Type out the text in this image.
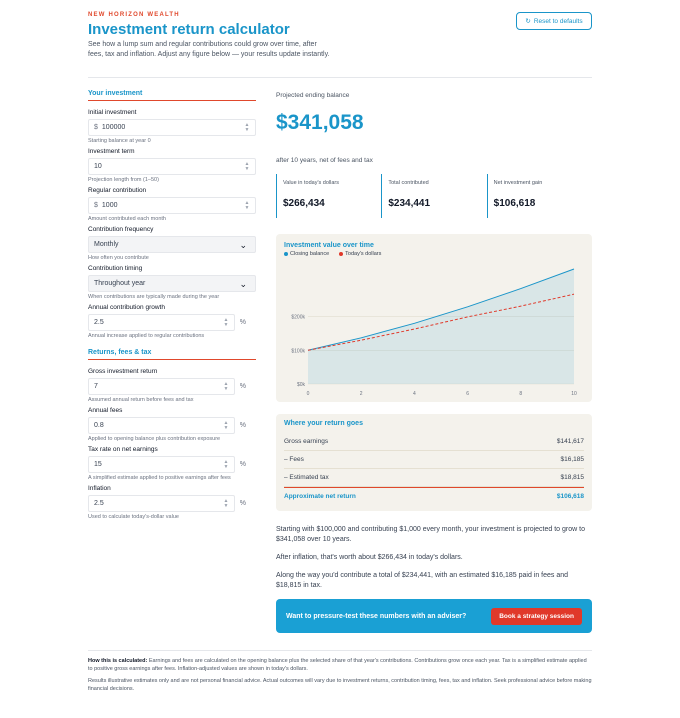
NEW HORIZON WEALTH
Investment return calculator
See how a lump sum and regular contributions could grow over time, after fees, tax and inflation. Adjust any figure below — your results update instantly.
↻ Reset to defaults
Your investment
Initial investment
$ 100000	▲
▼
Starting balance at year 0
Investment term
10	▲
▼
Projection length from (1–50)
Regular contribution
$ 1000	▲
▼
Amount contributed each month
Contribution frequency
Monthly	⌄
How often you contribute
Contribution timing
Throughout year	⌄
When contributions are typically made during the year
Annual contribution growth
2.5	▲
▼ %
Annual increase applied to regular contributions
Returns, fees & tax
Gross investment return
7	▲
▼ %
Assumed annual return before fees and tax
Annual fees
0.8	▲
▼ %
Applied to opening balance plus contribution exposure
Tax rate on net earnings
15	▲
▼ %
A simplified estimate applied to positive earnings after fees
Inflation
2.5	▲
▼ %
Used to calculate today's-dollar value
Projected ending balance
$341,058
after 10 years, net of fees and tax
Value in today's dollars
$266,434
Total contributed
$234,441
Net investment gain
$106,618
Investment value over time
Closing balance	Today's dollars
$0k
$100k
$200k
0	2	4	6	8	10
Where your return goes
Gross earnings	$141,617
– Fees	$16,185
– Estimated tax	$18,815
Approximate net return	$106,618

Starting with $100,000 and contributing $1,000 every month, your investment is projected to grow to $341,058 over 10 years.

After inflation, that's worth about $266,434 in today's dollars.

Along the way you'd contribute a total of $234,441, with an estimated $16,185 paid in fees and $18,815 in tax.

Want to pressure-test these numbers with an adviser?	Book a strategy session

How this is calculated: Earnings and fees are calculated on the opening balance plus the selected share of that year's contributions. Contributions grow once each year. Tax is a simplified estimate applied to positive gross earnings after fees. Inflation-adjusted values are shown in today's dollars.

Results illustrative estimates only and are not personal financial advice. Actual outcomes will vary due to investment returns, contribution timing, fees, tax and inflation. Seek professional advice before making financial decisions.
